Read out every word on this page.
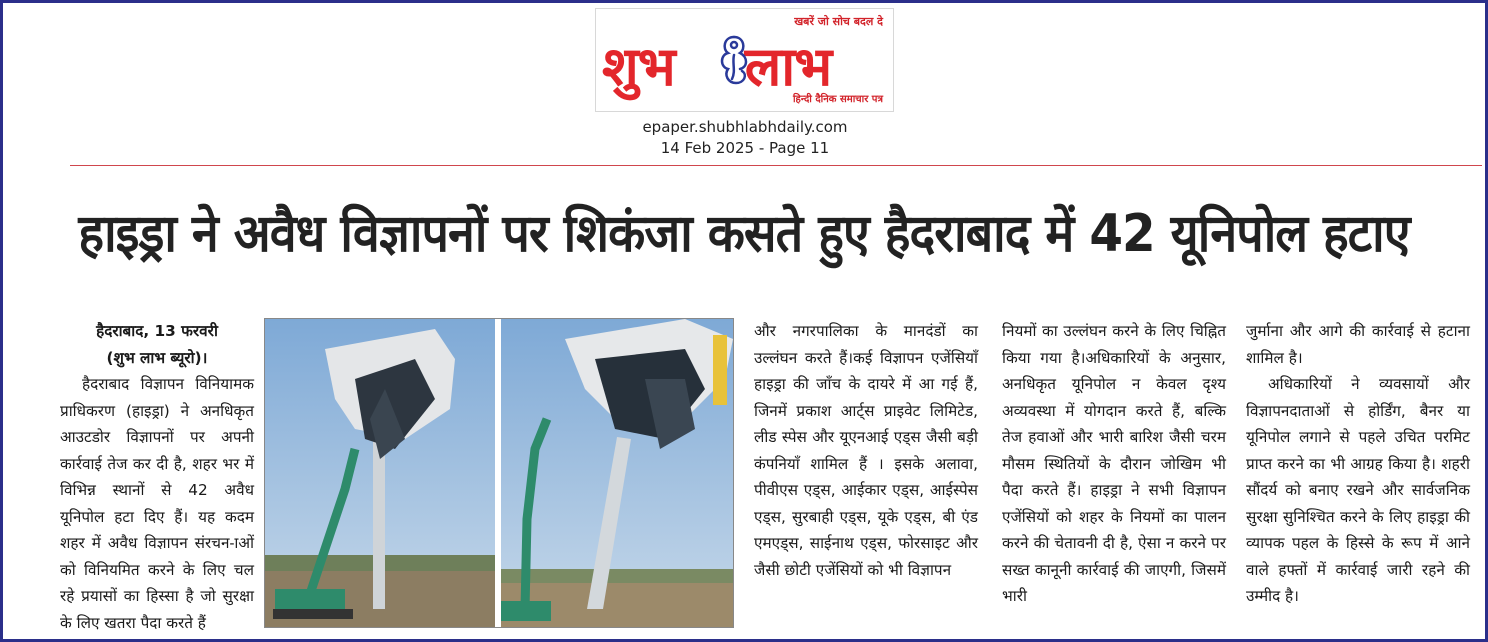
खबरें जो सोच बदल दे
शुभ लाभ
हिन्दी दैनिक समाचार पत्र
epaper.shubhlabhdaily.com
14 Feb 2025 - Page 11
हाइड्रा ने अवैध विज्ञापनों पर शिकंजा कसते हुए हैदराबाद में 42 यूनिपोल हटाए

हैदराबाद, 13 फरवरी

(शुभ लाभ ब्यूरो)।

हैदराबाद विज्ञापन विनियामक प्राधिकरण (हाइड्रा) ने अनधिकृत आउटडोर विज्ञापनों पर अपनी कार्रवाई तेज कर दी है, शहर भर में विभिन्न स्थानों से 42 अवैध यूनिपोल हटा दिए हैं। यह कदम शहर में अवैध विज्ञापन संरचन-ाओं को विनियमित करने के लिए चल रहे प्रयासों का हिस्सा है जो सुरक्षा के लिए खतरा पैदा करते हैं

और नगरपालिका के मानदंडों का उल्लंघन करते हैं।कई विज्ञापन एजेंसियाँ हाइड्रा की जाँच के दायरे में आ गई हैं, जिनमें प्रकाश आर्ट्स प्राइवेट लिमिटेड, लीड स्पेस और यूएनआई एड्स जैसी बड़ी कंपनियाँ शामिल हैं । इसके अलावा, पीवीएस एड्स, आईकार एड्स, आईस्पेस एड्स, सुरबाही एड्स, यूके एड्स, बी एंड एमएड्स, साईनाथ एड्स, फोरसाइट और जैसी छोटी एजेंसियों को भी विज्ञापन

नियमों का उल्लंघन करने के लिए चिह्नित किया गया है।अधिकारियों के अनुसार, अनधिकृत यूनिपोल न केवल दृश्य अव्यवस्था में योगदान करते हैं, बल्कि तेज हवाओं और भारी बारिश जैसी चरम मौसम स्थितियों के दौरान जोखिम भी पैदा करते हैं। हाइड्रा ने सभी विज्ञापन एजेंसियों को शहर के नियमों का पालन करने की चेतावनी दी है, ऐसा न करने पर सख्त कानूनी कार्रवाई की जाएगी, जिसमें भारी

जुर्माना और आगे की कार्रवाई से हटाना शामिल है।

अधिकारियों ने व्यवसायों और विज्ञापनदाताओं से होर्डिंग, बैनर या यूनिपोल लगाने से पहले उचित परमिट प्राप्त करने का भी आग्रह किया है। शहरी सौंदर्य को बनाए रखने और सार्वजनिक सुरक्षा सुनिश्चित करने के लिए हाइड्रा की व्यापक पहल के हिस्से के रूप में आने वाले हफ्तों में कार्रवाई जारी रहने की उम्मीद है।
